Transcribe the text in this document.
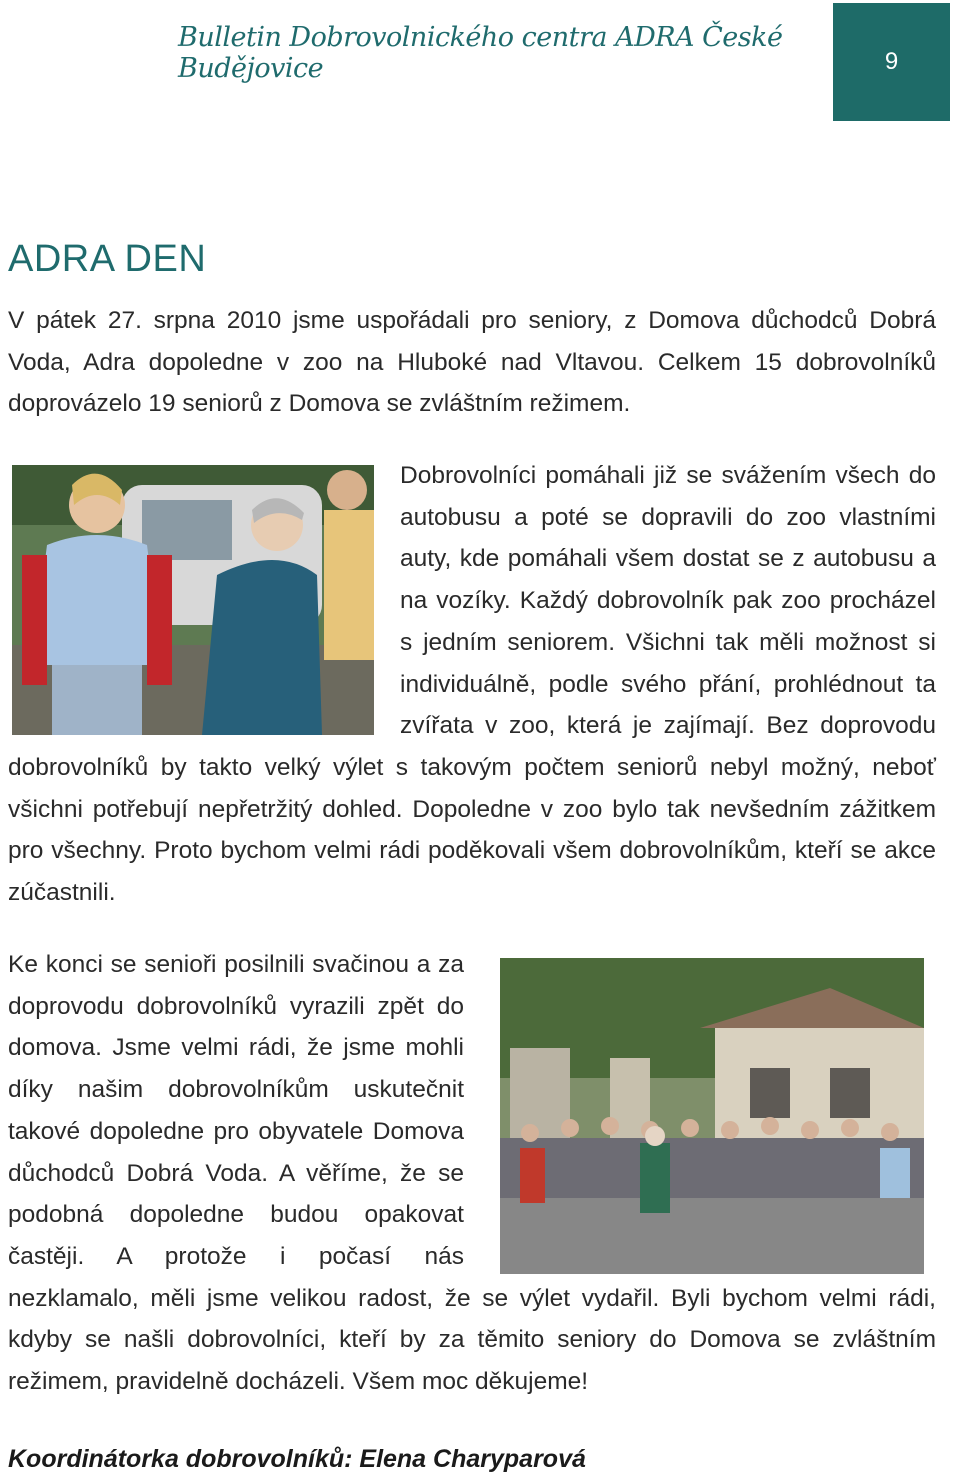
Bulletin Dobrovolnického centra ADRA České Budějovice	9
ADRA DEN

V pátek 27. srpna 2010 jsme uspořádali pro seniory, z Domova důchodců Dobrá Voda, Adra dopoledne v zoo na Hluboké nad Vltavou. Celkem 15 dobrovolníků doprovázelo 19 seniorů z Domova se zvláštním režimem.

Dobrovolníci pomáhali již se svážením všech do autobusu a poté se dopravili do zoo vlastními auty, kde pomáhali všem dostat se z autobusu a na vozíky. Každý dobrovolník pak zoo procházel s jedním seniorem. Všichni tak měli možnost si individuálně, podle svého přání, prohlédnout ta zvířata v zoo, která je zajímají. Bez doprovodu dobrovolníků by takto velký výlet s takovým počtem seniorů nebyl možný, neboť všichni potřebují nepřetržitý dohled. Dopoledne v zoo bylo tak nevšedním zážitkem pro všechny. Proto bychom velmi rádi poděkovali všem dobrovolníkům, kteří se akce zúčastnili.
Ke konci se senioři posilnili svačinou a za doprovodu dobrovolníků vyrazili zpět do domova. Jsme velmi rádi, že jsme mohli díky našim dobrovolníkům uskutečnit takové dopoledne pro obyvatele Domova důchodců Dobrá Voda. A věříme, že se podobná dopoledne budou opakovat častěji. A protože i počasí nás nezklamalo, měli jsme velikou radost, že se výlet vydařil. Byli bychom velmi rádi, kdyby se našli dobrovolníci, kteří by za těmito seniory do Domova se zvláštním režimem, pravidelně docházeli. Všem moc děkujeme!
Koordinátorka dobrovolníků: Elena Charyparová
